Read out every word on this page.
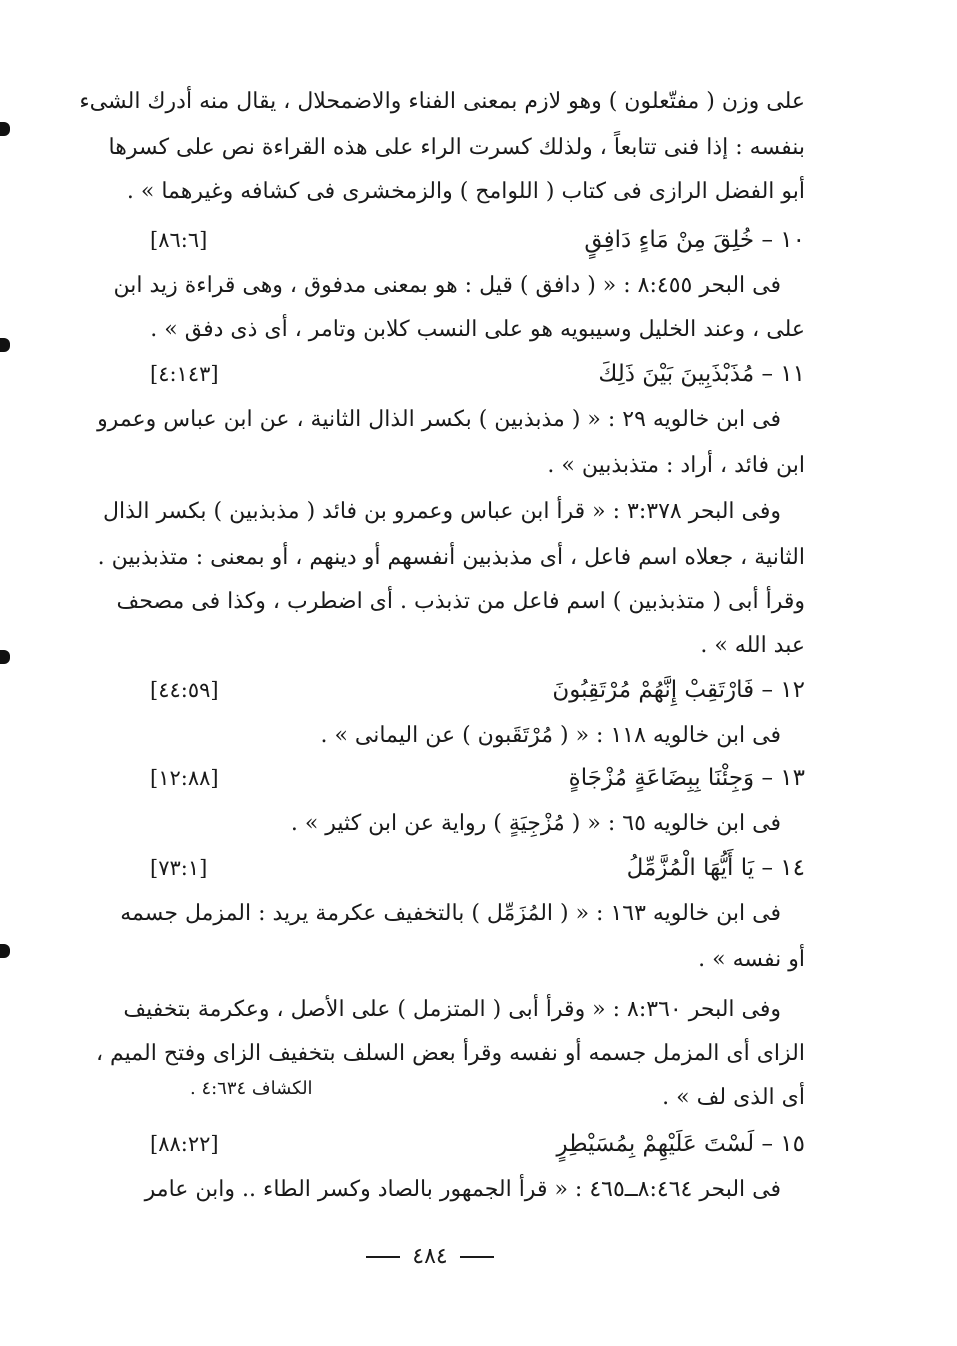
على وزن ( مفتّعلون ) وهو لازم بمعنى الفناء والاضمحلال ، يقال منه أدرك الشىء
بنفسه : إذا فنى تتابعاً ، ولذلك كسرت الراء على هذه القراءة نص على كسرها
أبو الفضل الرازى فى كتاب ( اللوامح ) والزمخشرى فى كشافه وغيرهما » .
١٠ – خُلِقَ مِنْ مَاءٍ دَافِقٍ
[٨٦:٦]
فى البحر ٨:٤٥٥ : « ( دافق ) قيل : هو بمعنى مدفوق ، وهى قراءة زيد ابن
على ، وعند الخليل وسيبويه هو على النسب كلابن وتامر ، أى ذى دفق » .
١١ – مُذَبْذَبِينَ بَيْنَ ذَلِكَ
[٤:١٤٣]
فى ابن خالويه ٢٩ : « ( مذبذبين ) بكسر الذال الثانية ، عن ابن عباس وعمرو
ابن فائد ، أراد : متذبذبين » .
وفى البحر ٣:٣٧٨ : « قرأ ابن عباس وعمرو بن فائد ( مذبذبين ) بكسر الذال
الثانية ، جعلاه اسم فاعل ، أى مذبذبين أنفسهم أو دينهم ، أو بمعنى : متذبذبين .
وقرأ أبى ( متذبذبين ) اسم فاعل من تذبذب . أى اضطرب ، وكذا فى مصحف
عبد الله » .
١٢ – فَارْتَقِبْ إِنَّهُمْ مُرْتَقِبُونَ
[٤٤:٥٩]
فى ابن خالويه ١١٨ : « ( مُرْتَقَبون ) عن اليمانى » .
١٣ – وَجِئْنَا بِبِضَاعَةٍ مُزْجَاةٍ
[١٢:٨٨]
فى ابن خالويه ٦٥ : « ( مُزْجِيَةٍ ) رواية عن ابن كثير » .
١٤ – يَا أَيُّهَا الْمُزَّمِّلُ
[٧٣:١]
فى ابن خالويه ١٦٣ : « ( المُزَمِّل ) بالتخفيف عكرمة يريد : المزمل جسمه
أو نفسه » .
وفى البحر ٨:٣٦٠ : « وقرأ أبى ( المتزمل ) على الأصل ، وعكرمة بتخفيف
الزاى أى المزمل جسمه أو نفسه وقرأ بعض السلف بتخفيف الزاى وفتح الميم ،
أى الذى لف » .
الكشاف ٤:٦٣٤ .
١٥ – لَسْتَ عَلَيْهِمْ بِمُسَيْطِرٍ
[٨٨:٢٢]
فى البحر ٨:٤٦٤ــ٤٦٥ : « قرأ الجمهور بالصاد وكسر الطاء .. وابن عامر
٤٨٤
